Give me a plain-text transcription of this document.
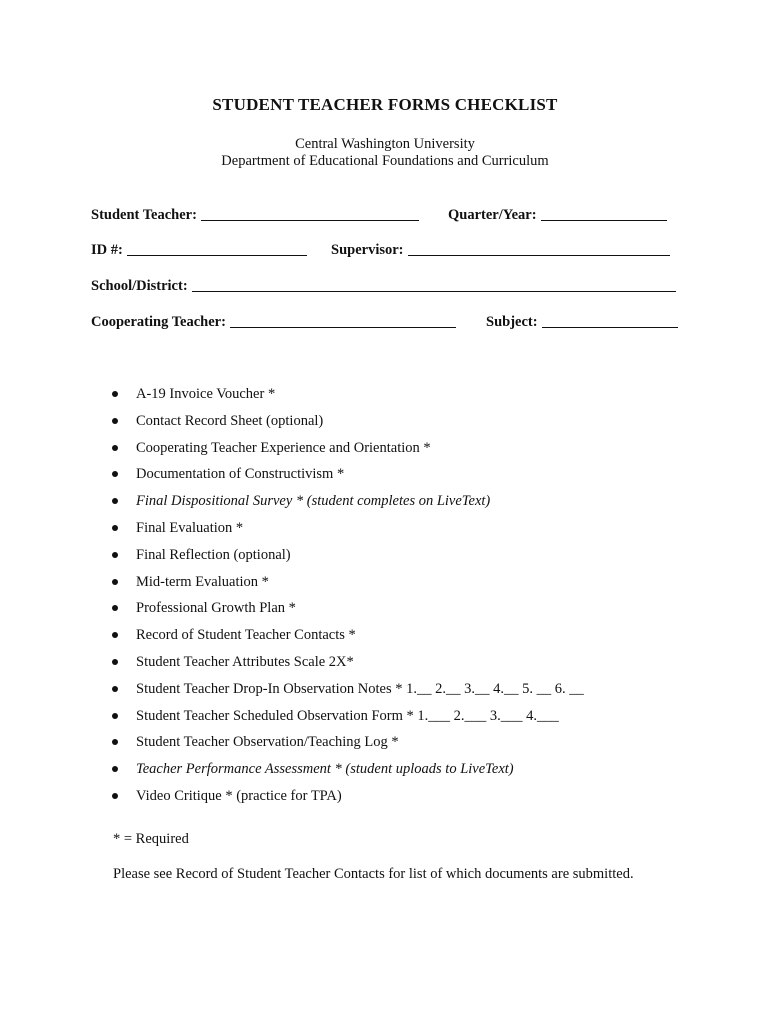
STUDENT TEACHER FORMS CHECKLIST
Central Washington University
Department of Educational Foundations and Curriculum
Student Teacher:	Quarter/Year:
ID #:	Supervisor:
School/District:
Cooperating Teacher:	Subject:
A-19 Invoice Voucher *
Contact Record Sheet (optional)
Cooperating Teacher Experience and Orientation *
Documentation of Constructivism *
Final Dispositional Survey * (student completes on LiveText)
Final Evaluation *
Final Reflection (optional)
Mid-term Evaluation *
Professional Growth Plan *
Record of Student Teacher Contacts *
Student Teacher Attributes Scale 2X*
Student Teacher Drop-In Observation Notes * 1.__ 2.__ 3.__ 4.__ 5. __ 6. __
Student Teacher Scheduled Observation Form * 1.___ 2.___ 3.___ 4.___
Student Teacher Observation/Teaching Log *
Teacher Performance Assessment * (student uploads to LiveText)
Video Critique * (practice for TPA)
* = Required
Please see Record of Student Teacher Contacts for list of which documents are submitted.
